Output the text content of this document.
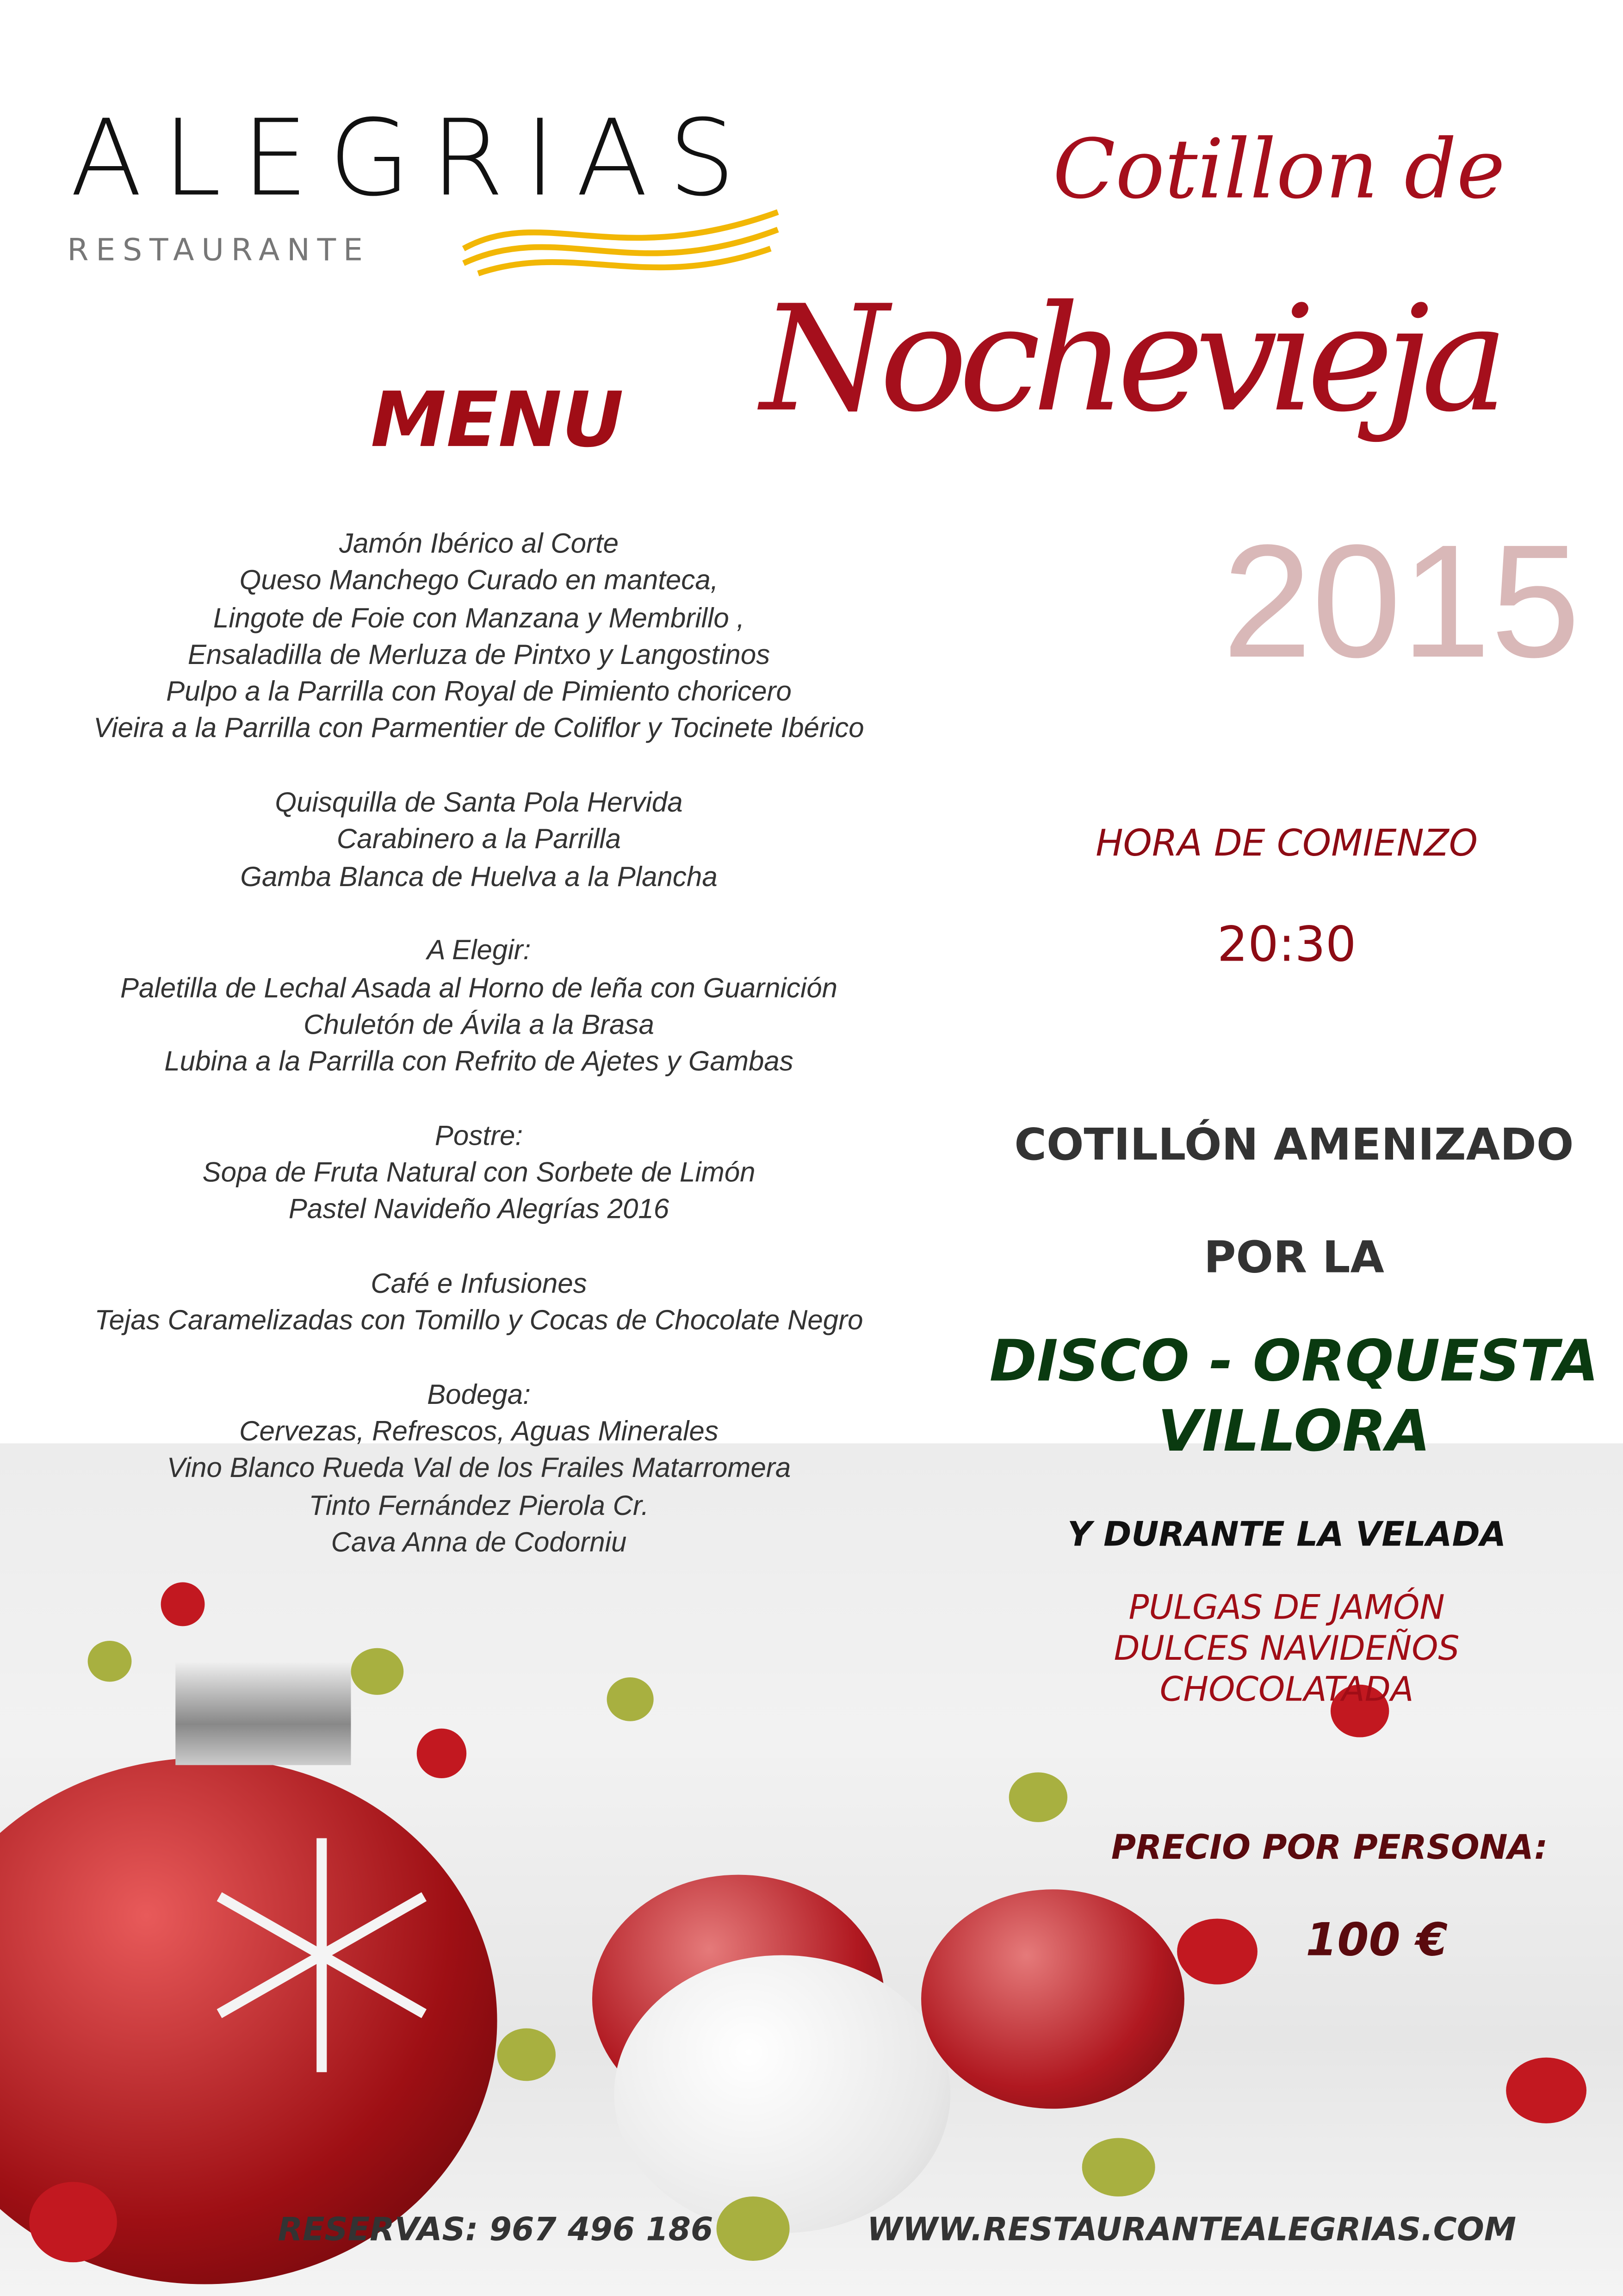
ALEGRIAS
RESTAURANTE
Cotillon de
Nochevieja
2015
MENU
Jamón Ibérico al Corte
Queso Manchego Curado en manteca,
Lingote de Foie con Manzana y Membrillo ,
Ensaladilla de Merluza de Pintxo y Langostinos
Pulpo a la Parrilla con Royal de Pimiento choricero
Vieira a la Parrilla con Parmentier de Coliflor y Tocinete Ibérico
Quisquilla de Santa Pola Hervida
Carabinero a la Parrilla
Gamba Blanca de Huelva a la Plancha
A Elegir:
Paletilla de Lechal Asada al Horno de leña con Guarnición
Chuletón de Ávila a la Brasa
Lubina a la Parrilla con Refrito de Ajetes y Gambas
Postre:
Sopa de Fruta Natural con Sorbete de Limón
Pastel Navideño Alegrías 2016
Café e Infusiones
Tejas Caramelizadas con Tomillo y Cocas de Chocolate Negro
Bodega:
Cervezas, Refrescos, Aguas Minerales
Vino Blanco Rueda Val de los Frailes Matarromera
Tinto Fernández Pierola Cr.
Cava Anna de Codorniu
HORA DE COMIENZO
20:30
COTILLÓN AMENIZADO
POR LA
DISCO - ORQUESTA
VILLORA
Y DURANTE LA VELADA
PULGAS DE JAMÓN
DULCES NAVIDEÑOS
CHOCOLATADA
PRECIO POR PERSONA:
100 €
RESERVAS: 967 496 186	WWW.RESTAURANTEALEGRIAS.COM
